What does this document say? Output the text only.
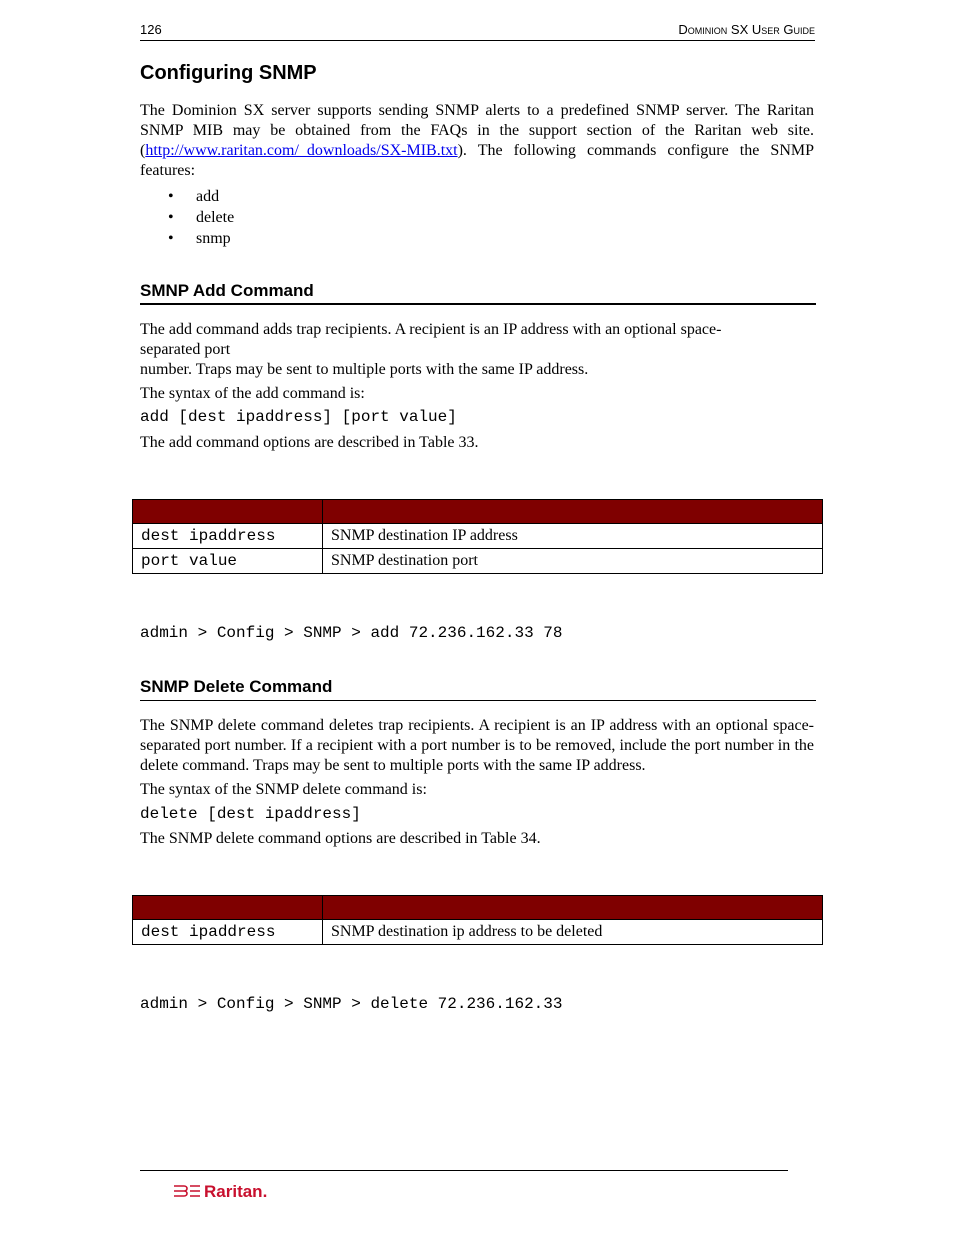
126	Dominion SX User Guide
Configuring SNMP
The Dominion SX server supports sending SNMP alerts to a predefined SNMP server. The Raritan SNMP MIB may be obtained from the FAQs in the support section of the Raritan web site. (http://www.raritan.com/_downloads/SX-MIB.txt). The following commands configure the SNMP features:
• add
• delete
• snmp
SMNP Add Command
The add command adds trap recipients. A recipient is an IP address with an optional space-
separated port
number. Traps may be sent to multiple ports with the same IP address.
The syntax of the add command is:
add [dest ipaddress] [port value]
The add command options are described in Table 33.

dest ipaddress	SNMP destination IP address
port value	SNMP destination port
admin > Config > SNMP > add 72.236.162.33 78
SNMP Delete Command
The SNMP delete command deletes trap recipients. A recipient is an IP address with an optional space- separated port number. If a recipient with a port number is to be removed, include the port number in the delete command. Traps may be sent to multiple ports with the same IP address.
The syntax of the SNMP delete command is:
delete [dest ipaddress]
The SNMP delete command options are described in Table 34.

dest ipaddress	SNMP destination ip address to be deleted
admin > Config > SNMP > delete 72.236.162.33
Raritan.
